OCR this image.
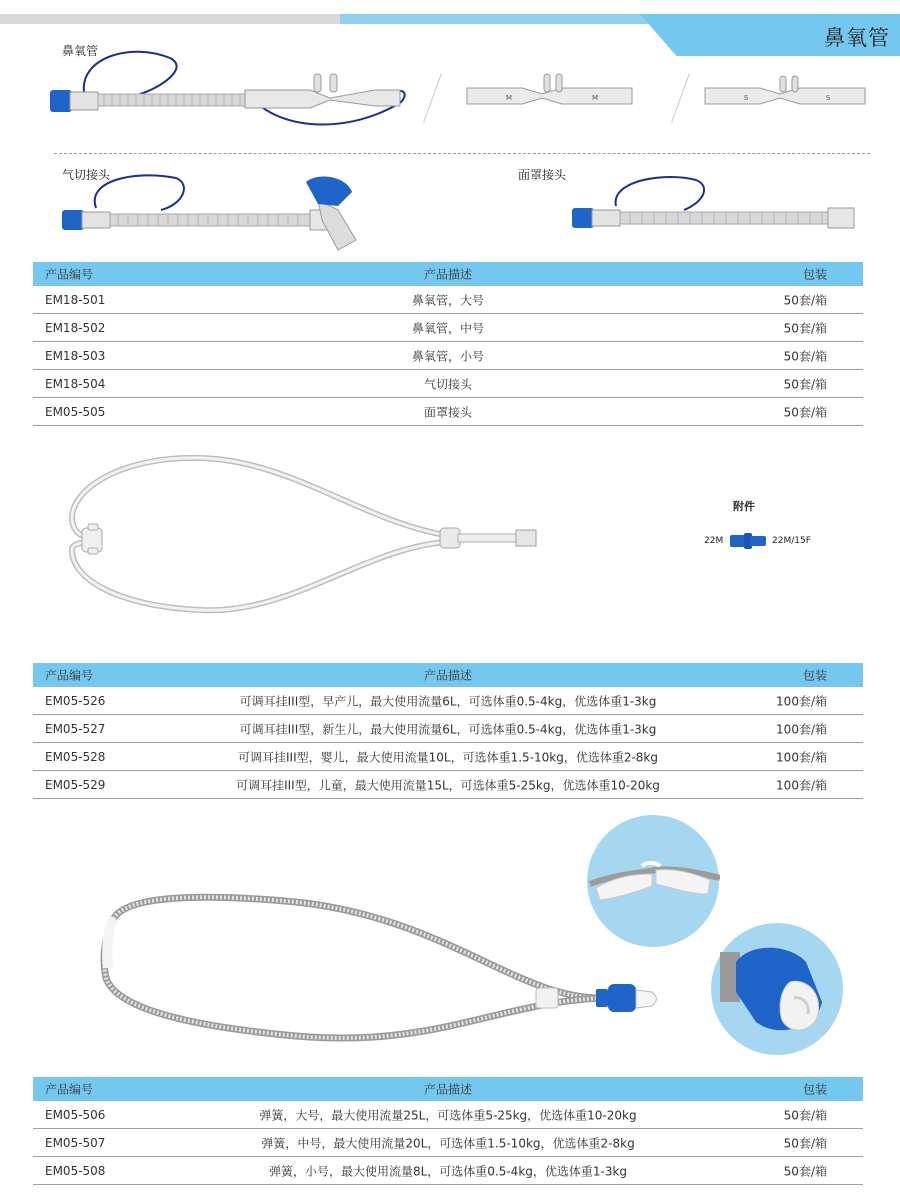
鼻氧管
鼻氧管
M	M	S	S
气切接头	面罩接头
产品编号	产品描述	包装
EM18-501	鼻氧管，大号	50套/箱
EM18-502	鼻氧管，中号	50套/箱
EM18-503	鼻氧管，小号	50套/箱
EM18-504	气切接头	50套/箱
EM05-505	面罩接头	50套/箱
附件
22M	22M/15F
产品编号	产品描述	包装
EM05-526	可调耳挂III型，早产儿，最大使用流量6L，可选体重0.5-4kg，优选体重1-3kg	100套/箱
EM05-527	可调耳挂III型，新生儿，最大使用流量6L，可选体重0.5-4kg，优选体重1-3kg	100套/箱
EM05-528	可调耳挂III型，婴儿，最大使用流量10L，可选体重1.5-10kg，优选体重2-8kg	100套/箱
EM05-529	可调耳挂III型，儿童，最大使用流量15L，可选体重5-25kg，优选体重10-20kg	100套/箱
产品编号	产品描述	包装
EM05-506	弹簧，大号，最大使用流量25L，可选体重5-25kg，优选体重10-20kg	50套/箱
EM05-507	弹簧，中号，最大使用流量20L，可选体重1.5-10kg，优选体重2-8kg	50套/箱
EM05-508	弹簧，小号，最大使用流量8L，可选体重0.5-4kg，优选体重1-3kg	50套/箱
